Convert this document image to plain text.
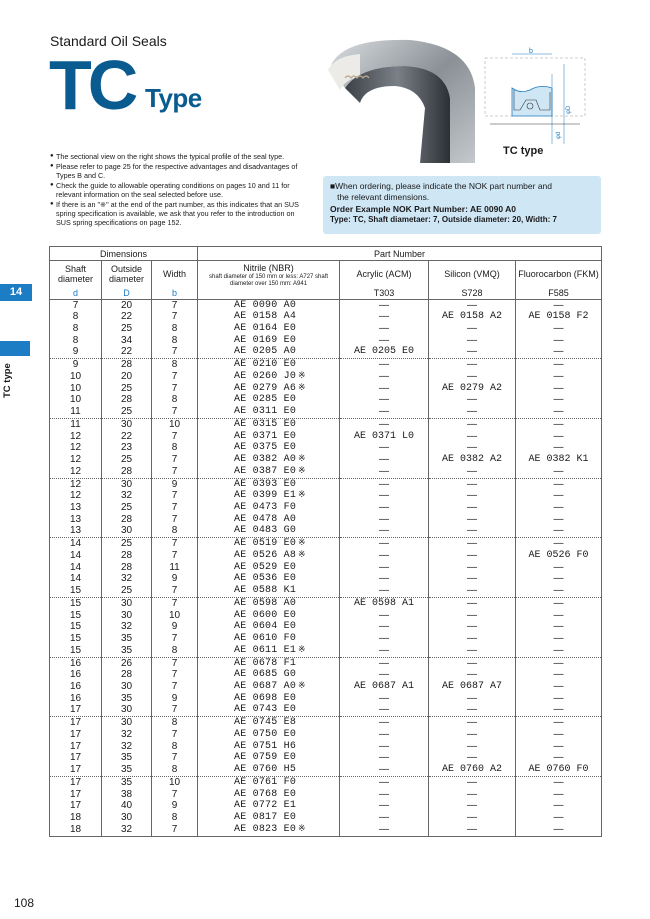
Standard Oil Seals
TC Type
b
φD
φd
TC type
● The sectional view on the right shows the typical profile of the seal type.
● Please refer to page 25 for the respective advantages and disadvantages of Types B and C.
● Check the guide to allowable operating conditions on pages 10 and 11 for relevant information on the seal selected before use.
● If there is an "※" at the end of the part number, as this indicates that an SUS spring specification is available, we ask that you refer to the introduction on SUS spring specifications on page 152.
■When ordering, please indicate the NOK part number and
the relevant dimensions.
Order Example NOK Part Number: AE 0090 A0
Type: TC, Shaft diametaer: 7, Outside diameter: 20, Width: 7
14
TC type
Dimensions			Part Number			
Shaft diameter	Outside diameter	Width	Nitrile (NBR)
shaft diameter of 150 mm or less: A727 shaft diameter over 150 mm: A941	Acrylic (ACM)	Silicon (VMQ)	Fluorocarbon (FKM)
d	D	b		T303	S728	F585
7	20	7	AE 0090 A0	—	—	—
8	22	7	AE 0158 A4	—	AE 0158 A2	AE 0158 F2
8	25	8	AE 0164 E0	—	—	—
8	34	8	AE 0169 E0	—	—	—
9	22	7	AE 0205 A0	AE 0205 E0	—	—
9	28	8	AE 0210 E0	—	—	—
10	20	7	AE 0260 J0 ※	—	—	—
10	25	7	AE 0279 A6 ※	—	AE 0279 A2	—
10	28	8	AE 0285 E0	—	—	—
11	25	7	AE 0311 E0	—	—	—
11	30	10	AE 0315 E0	—	—	—
12	22	7	AE 0371 E0	AE 0371 L0	—	—
12	23	8	AE 0375 E0	—	—	—
12	25	7	AE 0382 A0 ※	—	AE 0382 A2	AE 0382 K1
12	28	7	AE 0387 E0 ※	—	—	—
12	30	9	AE 0393 E0	—	—	—
12	32	7	AE 0399 E1 ※	—	—	—
13	25	7	AE 0473 F0	—	—	—
13	28	7	AE 0478 A0	—	—	—
13	30	8	AE 0483 G0	—	—	—
14	25	7	AE 0519 E0 ※	—	—	—
14	28	7	AE 0526 A8 ※	—	—	AE 0526 F0
14	28	11	AE 0529 E0	—	—	—
14	32	9	AE 0536 E0	—	—	—
15	25	7	AE 0588 K1	—	—	—
15	30	7	AE 0598 A0	AE 0598 A1	—	—
15	30	10	AE 0600 E0	—	—	—
15	32	9	AE 0604 E0	—	—	—
15	35	7	AE 0610 F0	—	—	—
15	35	8	AE 0611 E1 ※	—	—	—
16	26	7	AE 0678 F1	—	—	—
16	28	7	AE 0685 G0	—	—	—
16	30	7	AE 0687 A0 ※	AE 0687 A1	AE 0687 A7	—
16	35	9	AE 0698 E0	—	—	—
17	30	7	AE 0743 E0	—	—	—
17	30	8	AE 0745 E8	—	—	—
17	32	7	AE 0750 E0	—	—	—
17	32	8	AE 0751 H6	—	—	—
17	35	7	AE 0759 E0	—	—	—
17	35	8	AE 0760 H5	—	AE 0760 A2	AE 0760 F0
17	35	10	AE 0761 F0	—	—	—
17	38	7	AE 0768 E0	—	—	—
17	40	9	AE 0772 E1	—	—	—
18	30	8	AE 0817 E0	—	—	—
18	32	7	AE 0823 E0 ※	—	—	—
108
